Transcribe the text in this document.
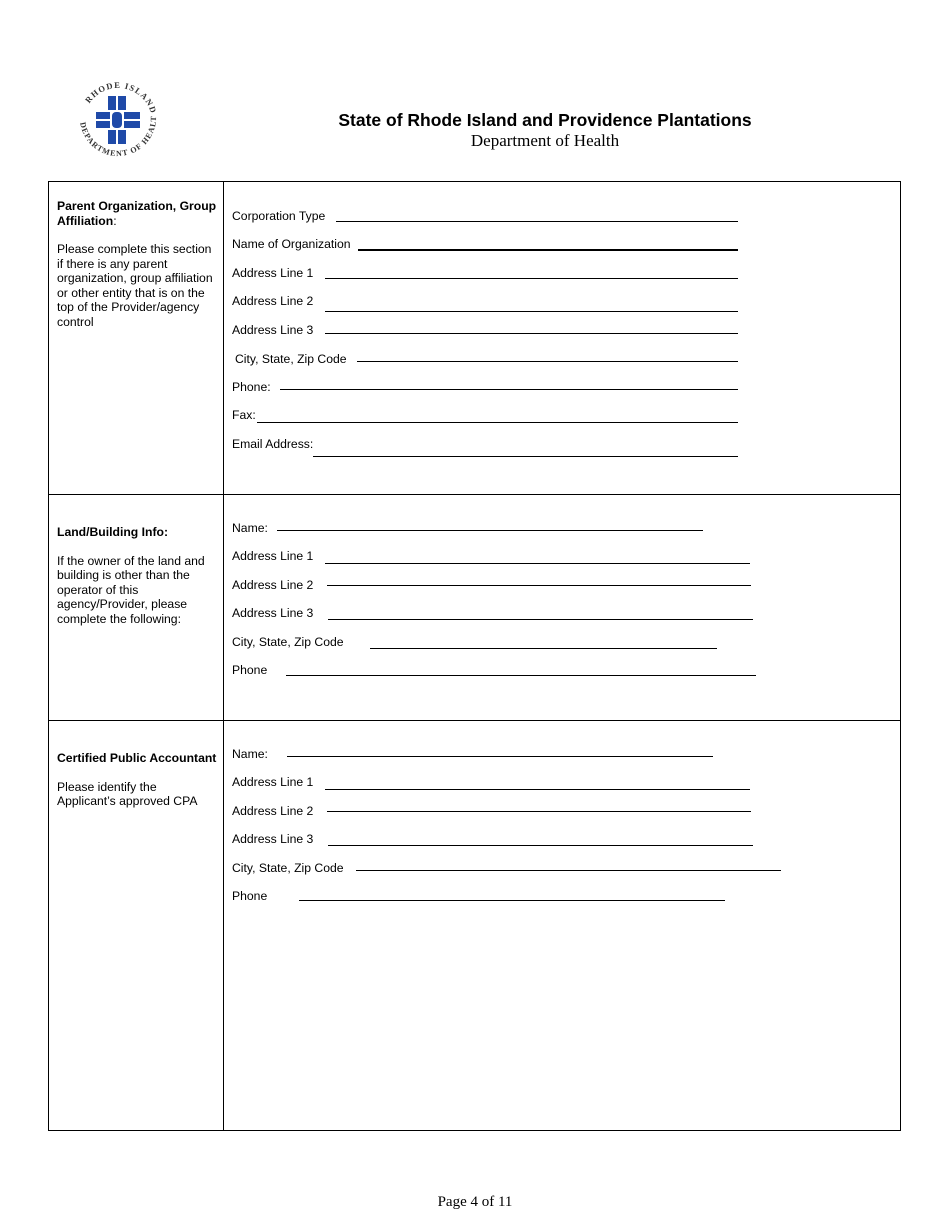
RHODE ISLAND
DEPARTMENT OF HEALT	State of Rhode Island and Providence Plantations
Department of Health
Parent Organization, Group Affiliation:
Please complete this section if there is any parent organization, group affiliation or other entity that is on the top of the Provider/agency control
Corporation Type
Name of Organization
Address Line 1
Address Line 2
Address Line 3
City, State, Zip Code
Phone:
Fax:
Email Address:
Land/Building Info:
If the owner of the land and building is other than the operator of this agency/Provider, please complete the following:
Name:
Address Line 1
Address Line 2
Address Line 3
City, State, Zip Code
Phone
Certified Public Accountant
Please identify the Applicant’s approved CPA
Name:
Address Line 1
Address Line 2
Address Line 3
City, State, Zip Code
Phone
Page 4 of 11
